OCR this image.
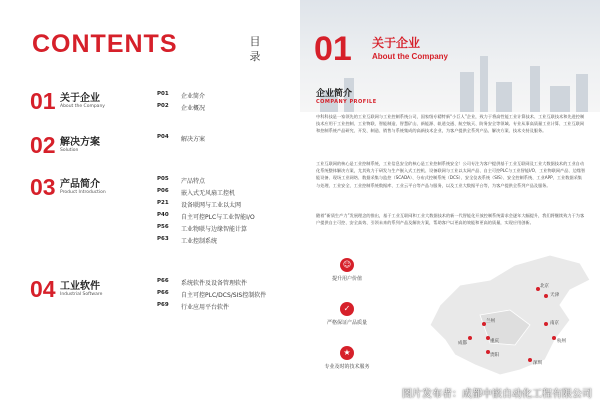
CONTENTS	目录
01 关于企业
About the Company
P01 企业简介
P02 企业概况
02 解决方案
Solution
P04 解决方案
03 产品简介
Product Introduction
P05 产品特点
P06 嵌入式无风扇工控机
P21 设备联网与工业以太网
P40 自主可控PLC与工业智能I/O
P56 工业物联与边缘智能计算
P63 工业控制系统
04 工业软件
Industrial Software
P66 系统软件及设备管理软件
P66 自主可控PLC/DCS/SIS控制软件
P69 行业应用平台软件
01 关于企业
About the Company
企业简介
COMPANY PROFILE
中科科技是一家领先的工业互联网与工业控制系统公司，国家级专精特新“小巨人”企业，致力于将高性能工业计算技术、工业互联技术和先进控制技术应用于工业控制、工业物联、智能制造、智慧矿山、新能源、轨道交通、航空航天、防务安全等领域。专业从事高质量工业计算、工业互联网和控制系统产品研究、开发、制造、销售与系统集成的高新技术企业，为客户提供全系列产品、解决方案、技术支持及服务。
工业互联网的核心是工业控制系统，工业信息安全的核心是工业控制系统安全！公司专注为客户提供基于工业互联网及工业大数据技术的工业自动化系统整体解决方案，尤其致力于研发与生产嵌入式工控机、设备联网与工业以太网产品、自主可控PLC与工业智能I/O、工业物联网产品、边缘智能设备、现场工业网络、数据采集与监控（SCADA）、分布式控制系统（DCS）、安全仪表系统（SIS）、安全控制系统、工业APP、工业数据采集与处理、工业安全、工业控制系统数据库、工业云平台等产品与服务，以及工业大数据平台等，为客户提供全系列产品及服务。
随着“新质生产力”发展理念的推出，基于工业互联网和工业大数据技术的新一代智能化开放控制系统需求会逐年大幅提升，我们将继续致力于为客户提供自主可控、安全高效、引领未来的系列产品及解决方案，帮助客户以更高的效能和更高的质量，实现应用创新。
☺
提升用户价值
✓
严格保证产品质量
★
专业及时的技术服务
北京
天津
兰州	南京
成都	重庆
贵阳
深圳
杭州
图片发布者：成都中嵌自动化工程有限公司
